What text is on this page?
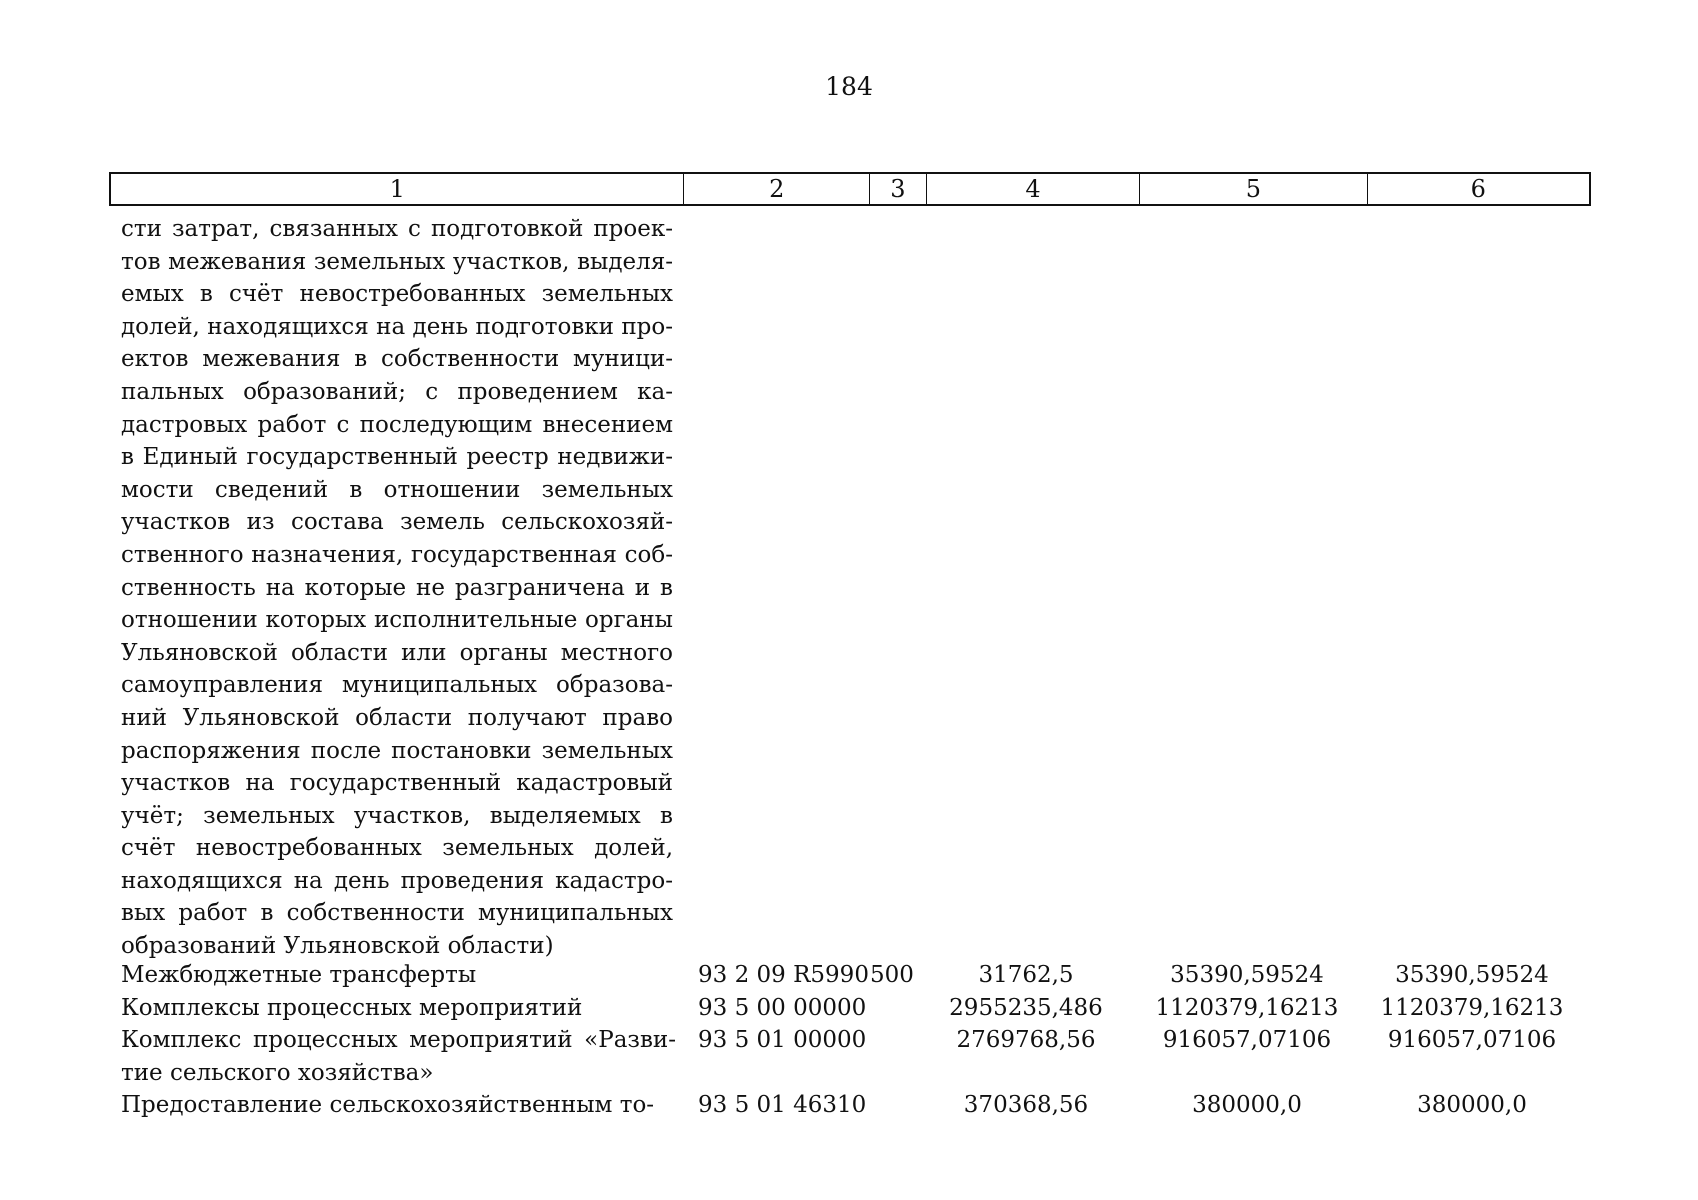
184
1	2	3	4	5	6
сти затрат, связанных с подготовкой проек-
тов межевания земельных участков, выделя-
емых в счёт невостребованных земельных
долей, находящихся на день подготовки про-
ектов межевания в собственности муници-
пальных образований; с проведением ка-
дастровых работ с последующим внесением
в Единый государственный реестр недвижи-
мости сведений в отношении земельных
участков из состава земель сельскохозяй-
ственного назначения, государственная соб-
ственность на которые не разграничена и в
отношении которых исполнительные органы
Ульяновской области или органы местного
самоуправления муниципальных образова-
ний Ульяновской области получают право
распоряжения после постановки земельных
участков на государственный кадастровый
учёт; земельных участков, выделяемых в
счёт невостребованных земельных долей,
находящихся на день проведения кадастро-
вых работ в собственности муниципальных
образований Ульяновской области)
Межбюджетные трансферты	93 2 09 R5990 500	31762,5	35390,59524	35390,59524
Комплексы процессных мероприятий	93 5 00 00000	2955235,486	1120379,16213	1120379,16213
Комплекс процессных мероприятий «Разви-
тие сельского хозяйства»
93 5 01 00000	2769768,56	916057,07106	916057,07106
Предоставление сельскохозяйственным то-	93 5 01 46310	370368,56	380000,0	380000,0
